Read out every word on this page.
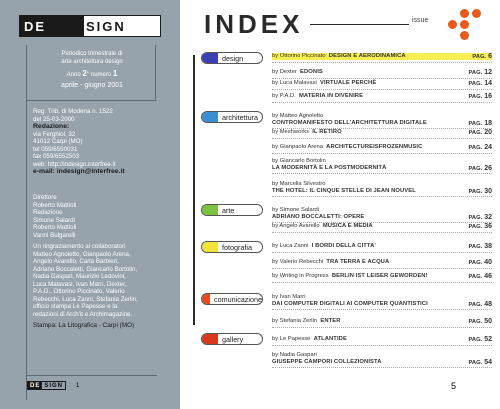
DE	SIGN
Periodico trimestrale di
arte architettura design
Anno 2° numero 1
aprile - giugno 2001
Reg. Trib. di Modena n. 1522
del 25-03-2000
Redazione:
via Ferghiol, 32
41012 Carpi (MO)
tel 059/6550031
fax 059/6552503
web: http://indesign.interfree.it
e-mail: indesign@interfree.it
Direttore
Roberto Mattioli
Redazione
Simone Salardi
Roberto Mattioli
Vanni Bulgarelli
Un ringraziamento ai collaboratori
Matteo Agnoletto, Gianpaolo Arena,
Angelo Avarello, Carla Barbieri,
Adriano Boccaletti, Giancarlo Bortolin,
Nadia Gaspari, Maurizio Ledovini,
Luca Malavasi, Ivan Marri, Dexter,
P.A.D., Ottorino Piccinato, Valerio
Rebecchi, Luca Zanni, Stefania Zerlin,
ufficio stampa Le Papesse e la
redazioni di Arch'it e Archimagazine.
Stampa: La Litografica - Carpi (MO)
DE SIGN	1
INDEX	issue
design
architettura
arte
fotografia
comunicazione
gallery
by Ottorino Piccinato DESIGN E AERODINAMICA	PAG. 6
by Dexter EDONIS	PAG. 12
by Luca Malavasi VIRTUALE PERCHÈ	PAG. 14
by P.A.D. MATERIA IN DIVENIRE	PAG. 16
by Matteo Agnoletto
CONTROMANIFESTO DELL'ARCHITETTURA DIGITALE	PAG. 18
by Meshworks IL RETIRO	PAG. 20
by Gianpaolo Arena ARCHITECTUREISFROZENMUSIC	PAG. 24
by Giancarlo Bortolin
LA MODERNITÀ E LA POSTMODERNITÀ	PAG. 26
by Marcella Silvestro
THE HOTEL: IL CINQUE STELLE DI JEAN NOUVEL	PAG. 30
by Simone Salardi
ADRIANO BOCCALETTI: OPERE	PAG. 32
by Angelo Avarello MUSICA E MEDIA	PAG. 36
by Luca Zanni I BORDI DELLA CITTA'	PAG. 38
by Valerio Rebecchi TRA TERRA E ACQUA	PAG. 40
by Writing in Progress BERLIN IST LEISER GEWORDEN!	PAG. 46
by Ivan Marri
DAI COMPUTER DIGITALI AI COMPUTER QUANTISTICI	PAG. 48
by Stefania Zerlin ENTER	PAG. 50
by Le Papesse ATLANTIDE	PAG. 52
by Nadia Gaspari
GIUSEPPE CAMPORI COLLEZIONISTA	PAG. 54
5
